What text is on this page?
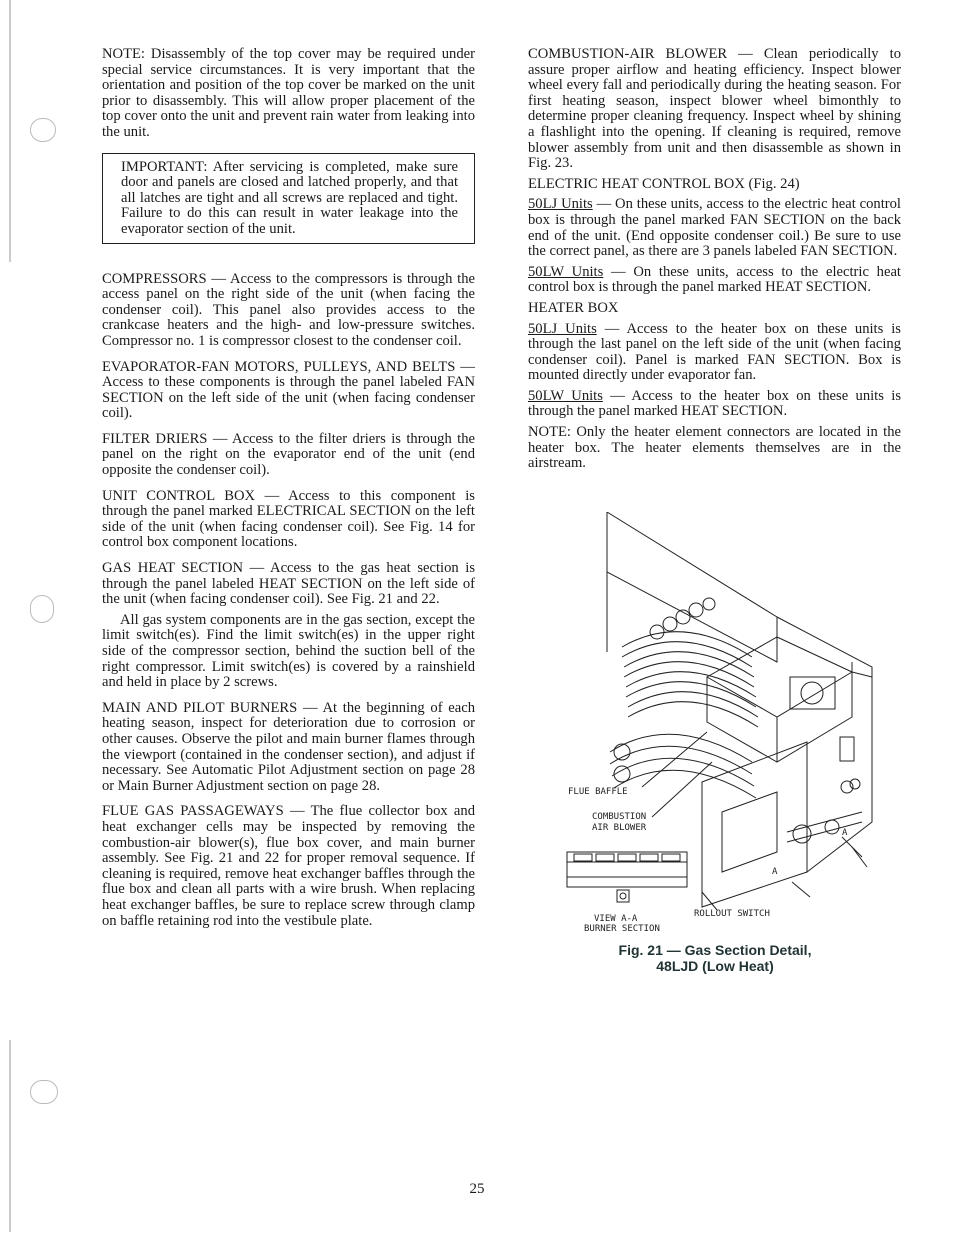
NOTE: Disassembly of the top cover may be required under special service circumstances. It is very important that the orientation and position of the top cover be marked on the unit prior to disassembly. This will allow proper placement of the top cover onto the unit and prevent rain water from leaking into the unit.

IMPORTANT: After servicing is completed, make sure door and panels are closed and latched properly, and that all latches are tight and all screws are replaced and tight. Failure to do this can result in water leakage into the evaporator section of the unit.

COMPRESSORS — Access to the compressors is through the access panel on the right side of the unit (when facing the condenser coil). This panel also provides access to the crankcase heaters and the high- and low-pressure switches. Compressor no. 1 is compressor closest to the condenser coil.

EVAPORATOR-FAN MOTORS, PULLEYS, AND BELTS — Access to these components is through the panel labeled FAN SECTION on the left side of the unit (when facing condenser coil).

FILTER DRIERS — Access to the filter driers is through the panel on the right on the evaporator end of the unit (end opposite the condenser coil).

UNIT CONTROL BOX — Access to this component is through the panel marked ELECTRICAL SECTION on the left side of the unit (when facing condenser coil). See Fig. 14 for control box component locations.

GAS HEAT SECTION — Access to the gas heat section is through the panel labeled HEAT SECTION on the left side of the unit (when facing condenser coil). See Fig. 21 and 22.

All gas system components are in the gas section, except the limit switch(es). Find the limit switch(es) in the upper right side of the compressor section, behind the suction bell of the right compressor. Limit switch(es) is covered by a rainshield and held in place by 2 screws.

MAIN AND PILOT BURNERS — At the beginning of each heating season, inspect for deterioration due to corrosion or other causes. Observe the pilot and main burner flames through the viewport (contained in the condenser section), and adjust if necessary. See Automatic Pilot Adjustment section on page 28 or Main Burner Adjustment section on page 28.

FLUE GAS PASSAGEWAYS — The flue collector box and heat exchanger cells may be inspected by removing the combustion-air blower(s), flue box cover, and main burner assembly. See Fig. 21 and 22 for proper removal sequence. If cleaning is required, remove heat exchanger baffles through the flue box and clean all parts with a wire brush. When replacing heat exchanger baffles, be sure to replace screw through clamp on baffle retaining rod into the vestibule plate.

COMBUSTION-AIR BLOWER — Clean periodically to assure proper airflow and heating efficiency. Inspect blower wheel every fall and periodically during the heating season. For first heating season, inspect blower wheel bimonthly to determine proper cleaning frequency. Inspect wheel by shining a flashlight into the opening. If cleaning is required, remove blower assembly from unit and then disassemble as shown in Fig. 23.

ELECTRIC HEAT CONTROL BOX (Fig. 24)

50LJ Units — On these units, access to the electric heat control box is through the panel marked FAN SECTION on the back end of the unit. (End opposite condenser coil.) Be sure to use the correct panel, as there are 3 panels labeled FAN SECTION.

50LW Units — On these units, access to the electric heat control box is through the panel marked HEAT SECTION.

HEATER BOX

50LJ Units — Access to the heater box on these units is through the last panel on the left side of the unit (when facing condenser coil). Panel is marked FAN SECTION. Box is mounted directly under evaporator fan.

50LW Units — Access to the heater box on these units is through the panel marked HEAT SECTION.

NOTE: Only the heater element connectors are located in the heater box. The heater elements themselves are in the airstream.

FLUE BAFFLE
COMBUSTION
AIR BLOWER	A
A
VIEW A-A
BURNER SECTION
ROLLOUT SWITCH
Fig. 21 — Gas Section Detail,
48LJD (Low Heat)
25
